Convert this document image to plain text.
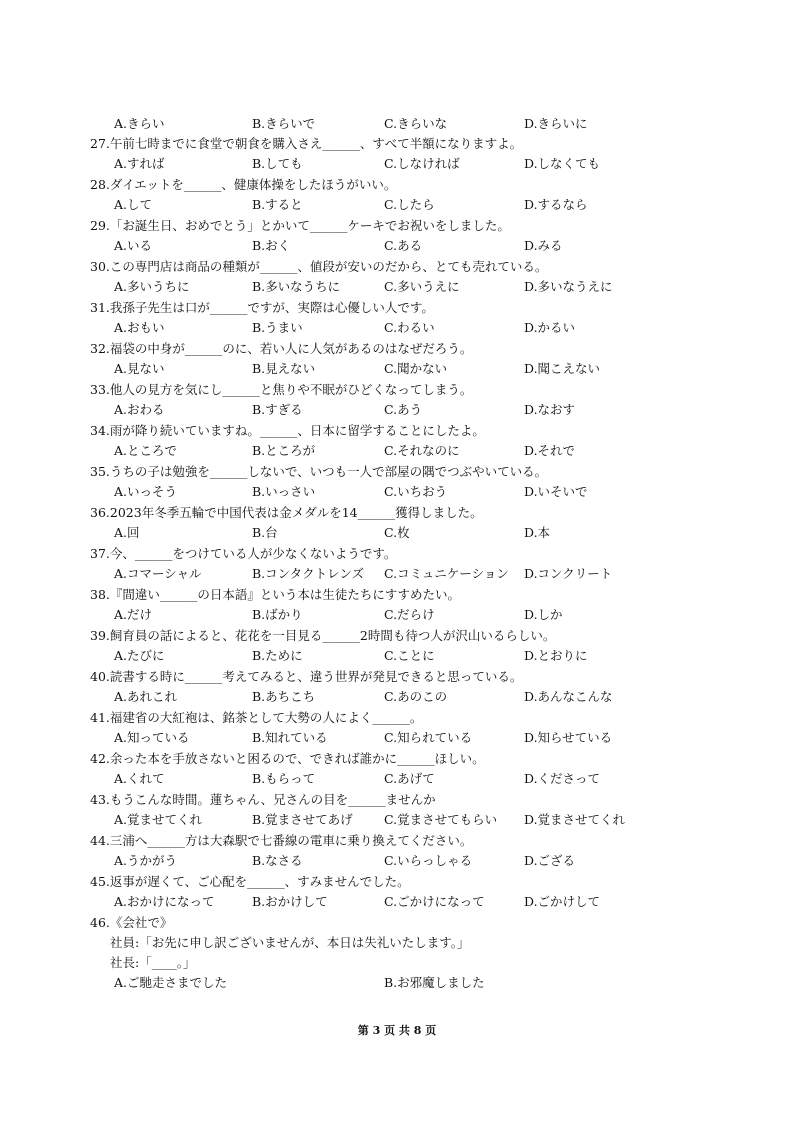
A.きらい	B.きらいで	C.きらいな	D.きらいに
27.午前七時までに食堂で朝食を購入さえ______、すべて半額になりますよ。
A.すれば	B.しても	C.しなければ	D.しなくても
28.ダイエットを______、健康体操をしたほうがいい。
A.して	B.すると	C.したら	D.するなら
29.「お誕生日、おめでとう」とかいて______ケーキでお祝いをしました。
A.いる	B.おく	C.ある	D.みる
30.この専門店は商品の種類が______、値段が安いのだから、とても売れている。
A.多いうちに	B.多いなうちに	C.多いうえに	D.多いなうえに
31.我孫子先生は口が______ですが、実際は心優しい人です。
A.おもい	B.うまい	C.わるい	D.かるい
32.福袋の中身が______のに、若い人に人気があるのはなぜだろう。
A.見ない	B.見えない	C.聞かない	D.聞こえない
33.他人の見方を気にし______と焦りや不眠がひどくなってしまう。
A.おわる	B.すぎる	C.あう	D.なおす
34.雨が降り続いていますね。______、日本に留学することにしたよ。
A.ところで	B.ところが	C.それなのに	D.それで
35.うちの子は勉強を______しないで、いつも一人で部屋の隅でつぶやいている。
A.いっそう	B.いっさい	C.いちおう	D.いそいで
36.2023年冬季五輪で中国代表は金メダルを14______獲得しました。
A.回	B.台	C.枚	D.本
37.今、______をつけている人が少なくないようです。
A.コマーシャル	B.コンタクトレンズ C.コミュニケーション D.コンクリート
38.『間違い______の日本語』という本は生徒たちにすすめたい。
A.だけ	B.ばかり	C.だらけ	D.しか
39.飼育員の話によると、花花を一目見る______2時間も待つ人が沢山いるらしい。
A.たびに	B.ために	C.ことに	D.とおりに
40.読書する時に______考えてみると、違う世界が発見できると思っている。
A.あれこれ	B.あちこち	C.あのこの	D.あんなこんな
41.福建省の大紅袍は、銘茶として大勢の人によく______。
A.知っている	B.知れている	C.知られている	D.知らせている
42.余った本を手放さないと困るので、できれば誰かに______ほしい。
A.くれて	B.もらって	C.あげて	D.くださって
43.もうこんな時間。蓮ちゃん、兄さんの目を______ませんか
A.覚ませてくれ	B.覚まさせてあげ	C.覚まさせてもらい D.覚まさせてくれ
44.三浦へ______方は大森駅で七番線の電車に乗り換えてください。
A.うかがう	B.なさる	C.いらっしゃる	D.ござる
45.返事が遅くて、ご心配を______、すみませんでした。
A.おかけになって	B.おかけして	C.ごかけになって	D.ごかけして
46.《会社で》
社員:「お先に申し訳ございませんが、本日は失礼いたします。」
社長:「____。」
A.ご馳走さまでした	B.お邪魔しました
第 3 页 共 8 页
